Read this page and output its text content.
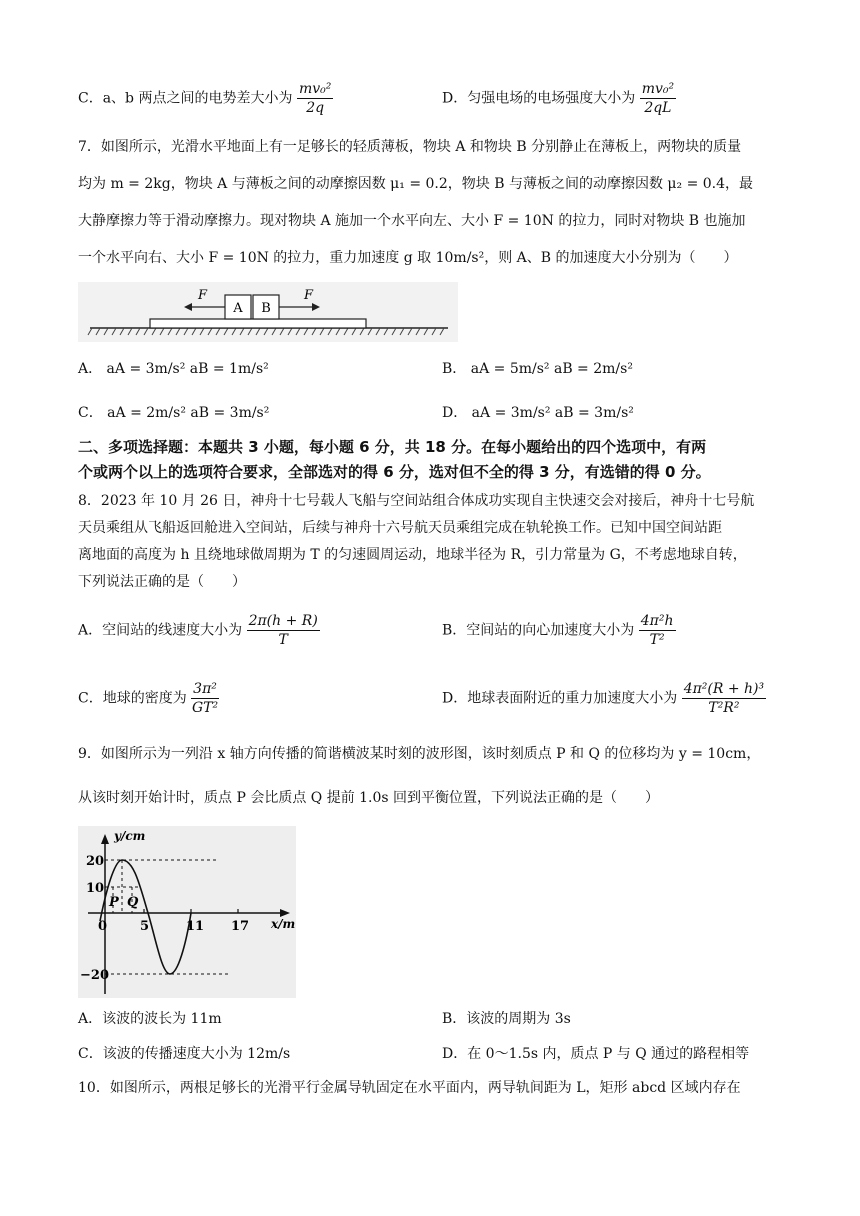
C．a、b 两点之间的电势差大小为 $\frac{\text{mv₀²}}{2q}$	D．匀强电场的电场强度大小为 $\frac{\text{mv₀²}}{2qL}$
7．如图所示，光滑水平地面上有一足够长的轻质薄板，物块 A 和物块 B 分别静止在薄板上，两物块的质量
均为 m = 2kg，物块 A 与薄板之间的动摩擦因数 μ₁ = 0.2，物块 B 与薄板之间的动摩擦因数 μ₂ = 0.4，最
大静摩擦力等于滑动摩擦力。现对物块 A 施加一个水平向左、大小 F = 10N 的拉力，同时对物块 B 也施加
一个水平向右、大小 F = 10N 的拉力，重力加速度 g 取 10m/s²，则 A、B 的加速度大小分别为（　　）
A B
F	F
A． aA = 3m/s² aB = 1m/s²	B． aA = 5m/s² aB = 2m/s²
C． aA = 2m/s² aB = 3m/s²	D． aA = 3m/s² aB = 3m/s²
二、多项选择题：本题共 3 小题，每小题 6 分，共 18 分。在每小题给出的四个选项中，有两
个或两个以上的选项符合要求，全部选对的得 6 分，选对但不全的得 3 分，有选错的得 0 分。
8．2023 年 10 月 26 日，神舟十七号载人飞船与空间站组合体成功实现自主快速交会对接后，神舟十七号航
天员乘组从飞船返回舱进入空间站，后续与神舟十六号航天员乘组完成在轨轮换工作。已知中国空间站距
离地面的高度为 h 且绕地球做周期为 T 的匀速圆周运动，地球半径为 R，引力常量为 G，不考虑地球自转，
下列说法正确的是（　　）
A．空间站的线速度大小为 $\frac{2\pi(h + R)}{T}$	B．空间站的向心加速度大小为 $\frac{\text{4π²h}}{\text{T²}}$
C．地球的密度为 $\frac{\text{3π²}}{\text{GT²}}$	D．地球表面附近的重力加速度大小为 $\frac{\text{4π²(R + h)³}}{\text{T²R²}}$
9．如图所示为一列沿 x 轴方向传播的简谐横波某时刻的波形图，该时刻质点 P 和 Q 的位移均为 y = 10cm，
从该时刻开始计时，质点 P 会比质点 Q 提前 1.0s 回到平衡位置，下列说法正确的是（　　）
y/cm
x/m
20
10
−20
0	5	11 17
P Q
A．该波的波长为 11m	B．该波的周期为 3s
C．该波的传播速度大小为 12m/s	D．在 0～1.5s 内，质点 P 与 Q 通过的路程相等
10．如图所示，两根足够长的光滑平行金属导轨固定在水平面内，两导轨间距为 L，矩形 abcd 区域内存在
